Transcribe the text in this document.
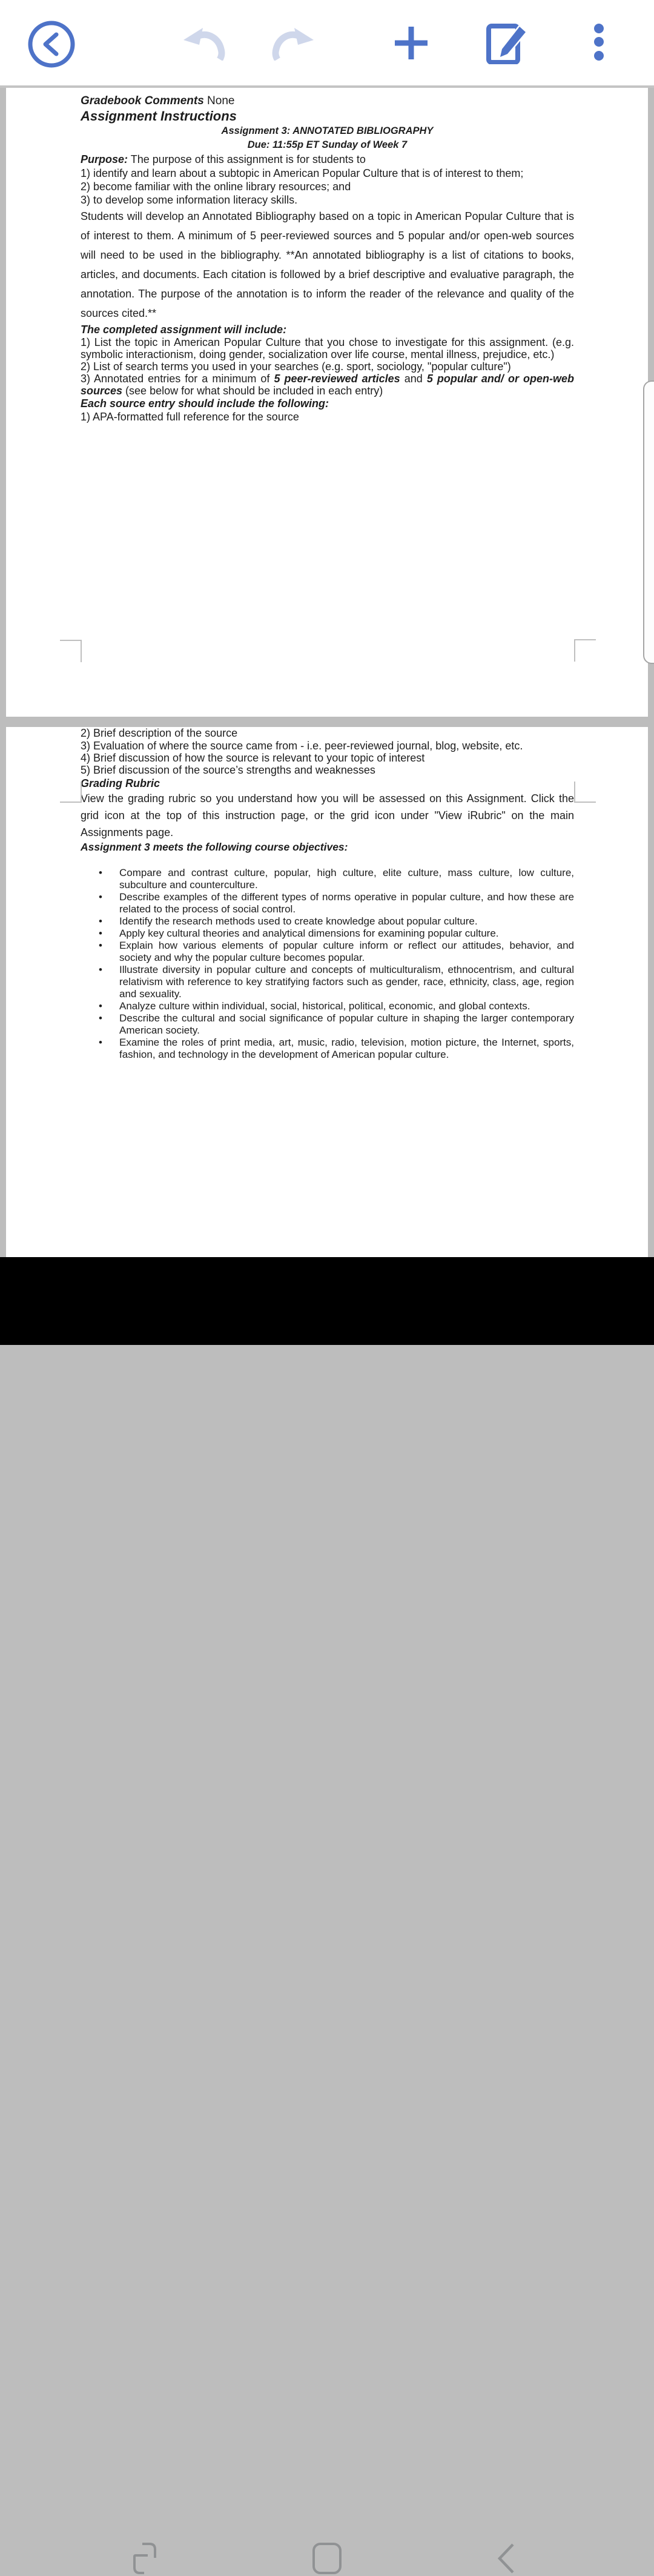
Gradebook Comments None

Assignment Instructions

Assignment 3: ANNOTATED BIBLIOGRAPHY
Due: 11:55p ET Sunday of Week 7

Purpose: The purpose of this assignment is for students to

1) identify and learn about a subtopic in American Popular Culture that is of interest to them;
2) become familiar with the online library resources; and
3) to develop some information literacy skills.

Students will develop an Annotated Bibliography based on a topic in American Popular Culture that is of interest to them. A minimum of 5 peer-reviewed sources and 5 popular and/or open-web sources will need to be used in the bibliography. **An annotated bibliography is a list of citations to books, articles, and documents. Each citation is followed by a brief descriptive and evaluative paragraph, the annotation. The purpose of the annotation is to inform the reader of the relevance and quality of the sources cited.**

The completed assignment will include:

1) List the topic in American Popular Culture that you chose to investigate for this assignment. (e.g. symbolic interactionism, doing gender, socialization over life course, mental illness, prejudice, etc.)
2) List of search terms you used in your searches (e.g. sport, sociology, "popular culture")
3) Annotated entries for a minimum of 5 peer-reviewed articles and 5 popular and/ or open-web sources (see below for what should be included in each entry)

Each source entry should include the following:

1) APA-formatted full reference for the source

2) Brief description of the source

3) Evaluation of where the source came from - i.e. peer-reviewed journal, blog, website, etc.
4) Brief discussion of how the source is relevant to your topic of interest

5) Brief discussion of the source’s strengths and weaknesses

Grading Rubric

View the grading rubric so you understand how you will be assessed on this Assignment. Click the grid icon at the top of this instruction page, or the grid icon under "View iRubric" on the main Assignments page.

Assignment 3 meets the following course objectives:

• Compare and contrast culture, popular, high culture, elite culture, mass culture, low culture, subculture and counterculture.
• Describe examples of the different types of norms operative in popular culture, and how these are related to the process of social control.
• Identify the research methods used to create knowledge about popular culture.
• Apply key cultural theories and analytical dimensions for examining popular culture.
• Explain how various elements of popular culture inform or reflect our attitudes, behavior, and society and why the popular culture becomes popular.
• Illustrate diversity in popular culture and concepts of multiculturalism, ethnocentrism, and cultural relativism with reference to key stratifying factors such as gender, race, ethnicity, class, age, region and sexuality.
• Analyze culture within individual, social, historical, political, economic, and global contexts.
• Describe the cultural and social significance of popular culture in shaping the larger contemporary American society.
• Examine the roles of print media, art, music, radio, television, motion picture, the Internet, sports, fashion, and technology in the development of American popular culture.
